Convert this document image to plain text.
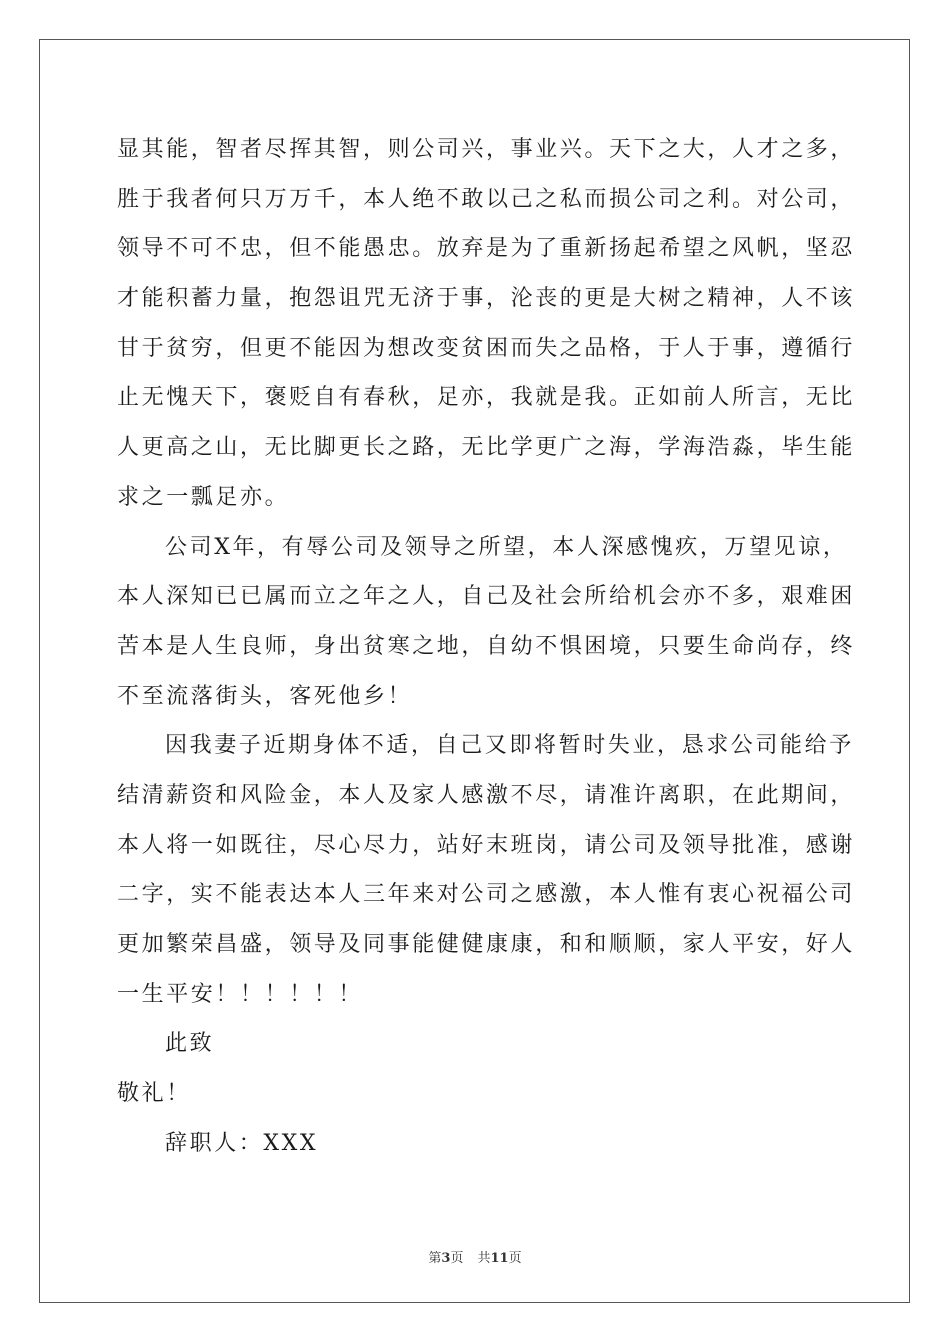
显其能，智者尽挥其智，则公司兴，事业兴。天下之大，人才之多，
胜于我者何只万万千，本人绝不敢以己之私而损公司之利。对公司，
领导不可不忠，但不能愚忠。放弃是为了重新扬起希望之风帆，坚忍
才能积蓄力量，抱怨诅咒无济于事，沦丧的更是大树之精神，人不该
甘于贫穷，但更不能因为想改变贫困而失之品格，于人于事，遵循行
止无愧天下，褒贬自有春秋，足亦，我就是我。正如前人所言，无比
人更高之山，无比脚更长之路，无比学更广之海，学海浩淼，毕生能
求之一瓢足亦。
公司X年，有辱公司及领导之所望，本人深感愧疚，万望见谅，
本人深知已已属而立之年之人，自己及社会所给机会亦不多，艰难困
苦本是人生良师，身出贫寒之地，自幼不惧困境，只要生命尚存，终
不至流落街头，客死他乡！
因我妻子近期身体不适，自己又即将暂时失业，恳求公司能给予
结清薪资和风险金，本人及家人感激不尽，请准许离职，在此期间，
本人将一如既往，尽心尽力，站好末班岗，请公司及领导批准，感谢
二字，实不能表达本人三年来对公司之感激，本人惟有衷心祝福公司
更加繁荣昌盛，领导及同事能健健康康，和和顺顺，家人平安，好人
一生平安！！！！！！
此致
敬礼！
辞职人：XXX
第3页 共11页
